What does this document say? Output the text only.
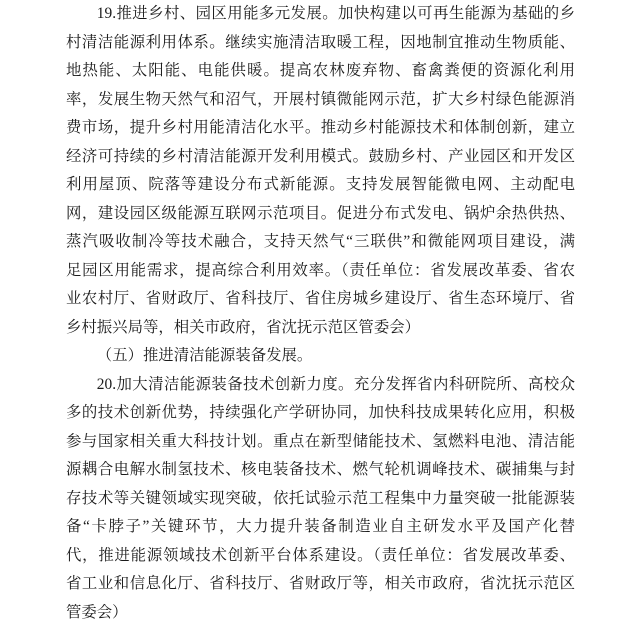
19.推进乡村、园区用能多元发展。加快构建以可再生能源为基础的乡
村清洁能源利用体系。继续实施清洁取暖工程，因地制宜推动生物质能、
地热能、太阳能、电能供暖。提高农林废弃物、畜禽粪便的资源化利用
率，发展生物天然气和沼气，开展村镇微能网示范，扩大乡村绿色能源消
费市场，提升乡村用能清洁化水平。推动乡村能源技术和体制创新，建立
经济可持续的乡村清洁能源开发利用模式。鼓励乡村、产业园区和开发区
利用屋顶、院落等建设分布式新能源。支持发展智能微电网、主动配电
网，建设园区级能源互联网示范项目。促进分布式发电、锅炉余热供热、
蒸汽吸收制冷等技术融合，支持天然气“三联供”和微能网项目建设，满
足园区用能需求，提高综合利用效率。（责任单位：省发展改革委、省农
业农村厅、省财政厅、省科技厅、省住房城乡建设厅、省生态环境厅、省
乡村振兴局等，相关市政府，省沈抚示范区管委会）
（五）推进清洁能源装备发展。
20.加大清洁能源装备技术创新力度。充分发挥省内科研院所、高校众
多的技术创新优势，持续强化产学研协同，加快科技成果转化应用，积极
参与国家相关重大科技计划。重点在新型储能技术、氢燃料电池、清洁能
源耦合电解水制氢技术、核电装备技术、燃气轮机调峰技术、碳捕集与封
存技术等关键领域实现突破，依托试验示范工程集中力量突破一批能源装
备“卡脖子”关键环节，大力提升装备制造业自主研发水平及国产化替
代，推进能源领域技术创新平台体系建设。（责任单位：省发展改革委、
省工业和信息化厅、省科技厅、省财政厅等，相关市政府，省沈抚示范区
管委会）
